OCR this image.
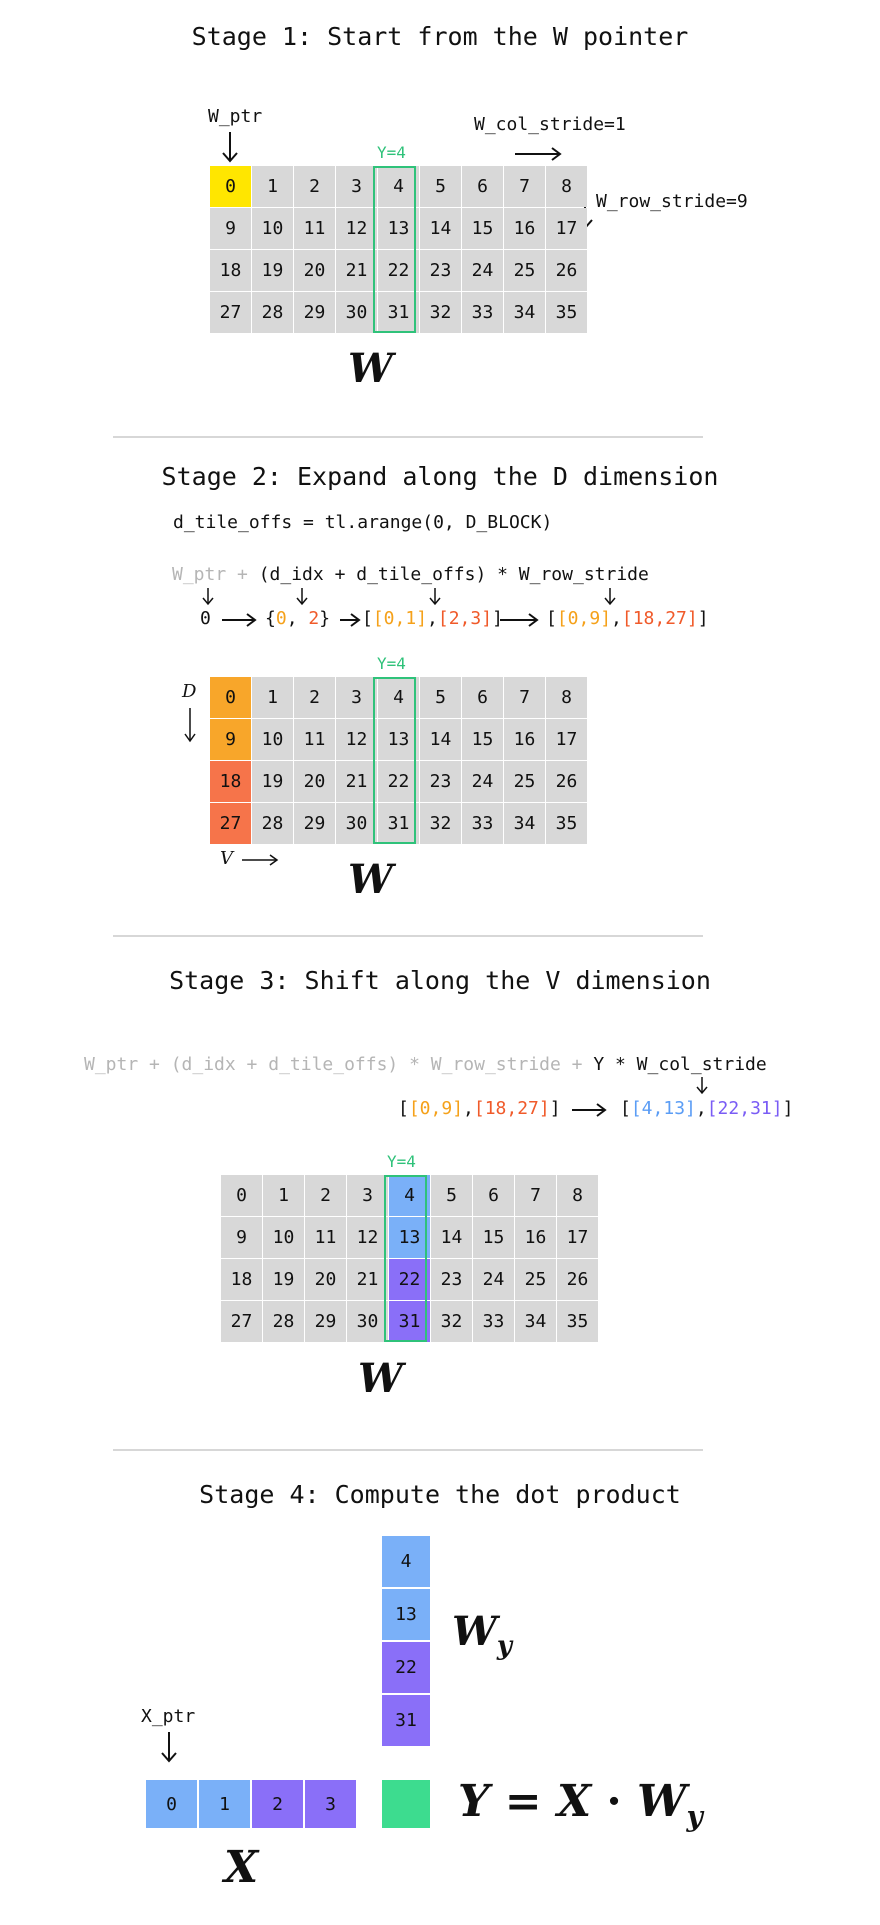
Stage 1: Start from the W pointer
W_ptr	W_col_stride=1
W_row_stride=9
Y=4
0	1	2	3	4	5	6	7	8
9	10	11	12	13	14	15	16	17
18	19	20	21	22	23	24	25	26
27	28	29	30	31	32	33	34	35
W
Stage 2: Expand along the D dimension
d_tile_offs = tl.arange(0, D_BLOCK)
W_ptr + (d_idx + d_tile_offs) * W_row_stride
0	{0, 2} [[0,1],[2,3]] [[0,9],[18,27]]
Y=4
0	1	2	3	4	5	6	7	8
9	10	11	12	13	14	15	16	17
18	19	20	21	22	23	24	25	26
27	28	29	30	31	32	33	34	35
D
V	W
Stage 3: Shift along the V dimension
W_ptr + (d_idx + d_tile_offs) * W_row_stride + Y * W_col_stride
[[0,9],[18,27]]	[[4,13],[22,31]]
Y=4
0	1	2	3	4	5	6	7	8
9	10	11	12	13	14	15	16	17
18	19	20	21	22	23	24	25	26
27	28	29	30	31	32	33	34	35
W
Stage 4: Compute the dot product
4
13
22
31
$W_y$
X_ptr
0	1	2	3	$Y = X \cdot W_y$
X
